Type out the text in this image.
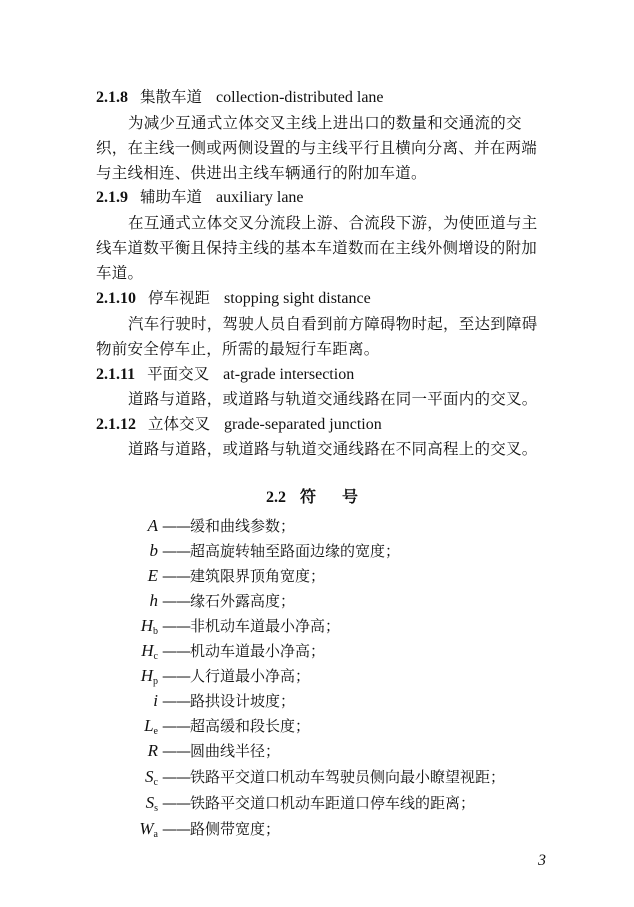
2.1.8 集散车道 collection-distributed lane
为减少互通式立体交叉主线上进出口的数量和交通流的交
织，在主线一侧或两侧设置的与主线平行且横向分离、并在两端
与主线相连、供进出主线车辆通行的附加车道。
2.1.9 辅助车道 auxiliary lane
在互通式立体交叉分流段上游、合流段下游，为使匝道与主
线车道数平衡且保持主线的基本车道数而在主线外侧增设的附加
车道。
2.1.10 停车视距 stopping sight distance
汽车行驶时，驾驶人员自看到前方障碍物时起，至达到障碍
物前安全停车止，所需的最短行车距离。
2.1.11 平面交叉 at-grade intersection
道路与道路，或道路与轨道交通线路在同一平面内的交叉。
2.1.12 立体交叉 grade-separated junction
道路与道路，或道路与轨道交通线路在不同高程上的交叉。
2.2 符号
A ——缓和曲线参数；
b ——超高旋转轴至路面边缘的宽度；
E ——建筑限界顶角宽度；
h ——缘石外露高度；
$H_b$ ——非机动车道最小净高；
$H_c$ ——机动车道最小净高；
$H_p$ ——人行道最小净高；
i ——路拱设计坡度；
$L_e$ ——超高缓和段长度；
R ——圆曲线半径；
$S_c$ ——铁路平交道口机动车驾驶员侧向最小瞭望视距；
$S_s$ ——铁路平交道口机动车距道口停车线的距离；
$W_a$ ——路侧带宽度；
3
